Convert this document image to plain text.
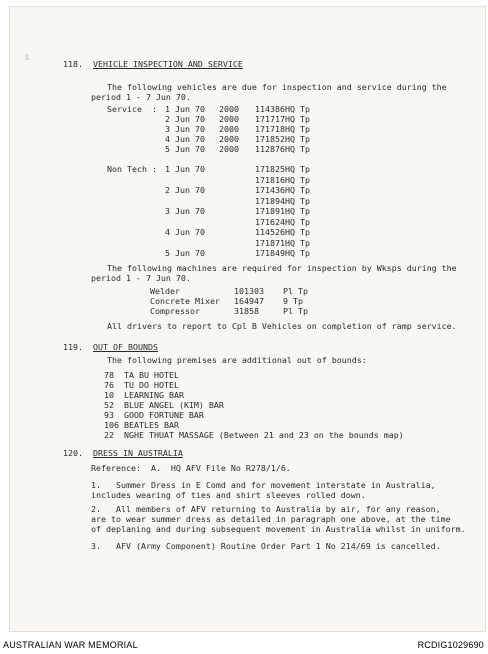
ß
118. VEHICLE INSPECTION AND SERVICE
The following vehicles are due for inspection and service during the
period 1 - 7 Jun 70.
Service  : 1 Jun 70 2000 114386 HQ Tp
2 Jun 70 2000 171717 HQ Tp
3 Jun 70 2000 171718 HQ Tp
4 Jun 70 2000 171852 HQ Tp
5 Jun 70 2000 112876 HQ Tp
Non Tech : 1 Jun 70	171825 HQ Tp
171816 HQ Tp
2 Jun 70	171436 HQ Tp
171894 HQ Tp
3 Jun 70	171891 HQ Tp
171624 HQ Tp
4 Jun 70	114526 HQ Tp
171871 HQ Tp
5 Jun 70	171849 HQ Tp
The following machines are required for inspection by Wksps during the
period 1 - 7 Jun 70.
Welder	101303 Pl Tp
Concrete Mixer 164947 9 Tp
Compressor	31858	Pl Tp
All drivers to report to Cpl B Vehicles on completion of ramp service.
119. OUT OF BOUNDS
The following premises are additional out of bounds:
78 TA BU HOTEL
76 TU DO HOTEL
10 LEARNING BAR
52 BLUE ANGEL (KIM) BAR
93 GOOD FORTUNE BAR
106 BEATLES BAR
22 NGHE THUAT MASSAGE (Between 21 and 23 on the bounds map)
120. DRESS IN AUSTRALIA
Reference:  A.  HQ AFV File No R278/1/6.
1.   Summer Dress in E Comd and for movement interstate in Australia,
includes wearing of ties and shirt sleeves rolled down.
2.   All members of AFV returning to Australia by air, for any reason,
are to wear summer dress as detailed in paragraph one above, at the time
of deplaning and during subsequent movement in Australia whilst in uniform.
3.   AFV (Army Component) Routine Order Part 1 No 214/69 is cancelled.
AUSTRALIAN WAR MEMORIAL	RCDIG1029690
